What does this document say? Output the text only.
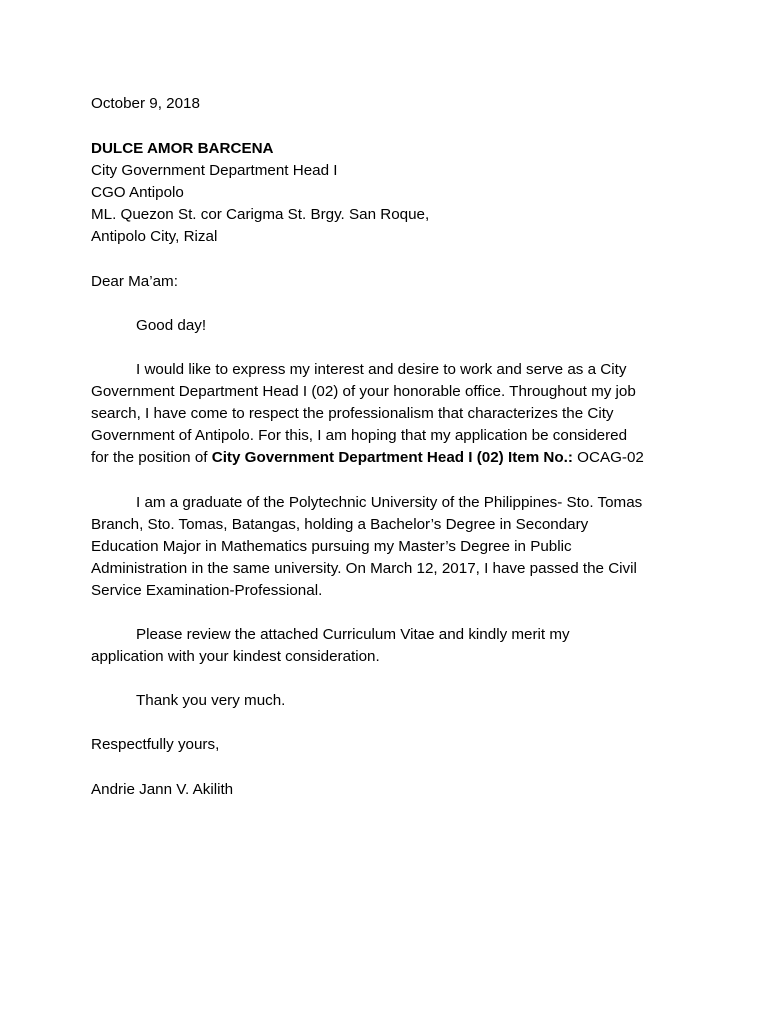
October 9, 2018

DULCE AMOR BARCENA

City Government Department Head I

CGO Antipolo

ML. Quezon St. cor Carigma St. Brgy. San Roque,

Antipolo City, Rizal

Dear Ma’am:

Good day!

I would like to express my interest and desire to work and serve as a City

Government Department Head I (02) of your honorable office. Throughout my job

search, I have come to respect the professionalism that characterizes the City

Government of Antipolo. For this, I am hoping that my application be considered

for the position of City Government Department Head I (02) Item No.: OCAG-02

I am a graduate of the Polytechnic University of the Philippines- Sto. Tomas

Branch, Sto. Tomas, Batangas, holding a Bachelor’s Degree in Secondary

Education Major in Mathematics pursuing my Master’s Degree in Public

Administration in the same university. On March 12, 2017, I have passed the Civil

Service Examination-Professional.

Please review the attached Curriculum Vitae and kindly merit my

application with your kindest consideration.

Thank you very much.

Respectfully yours,

Andrie Jann V. Akilith
